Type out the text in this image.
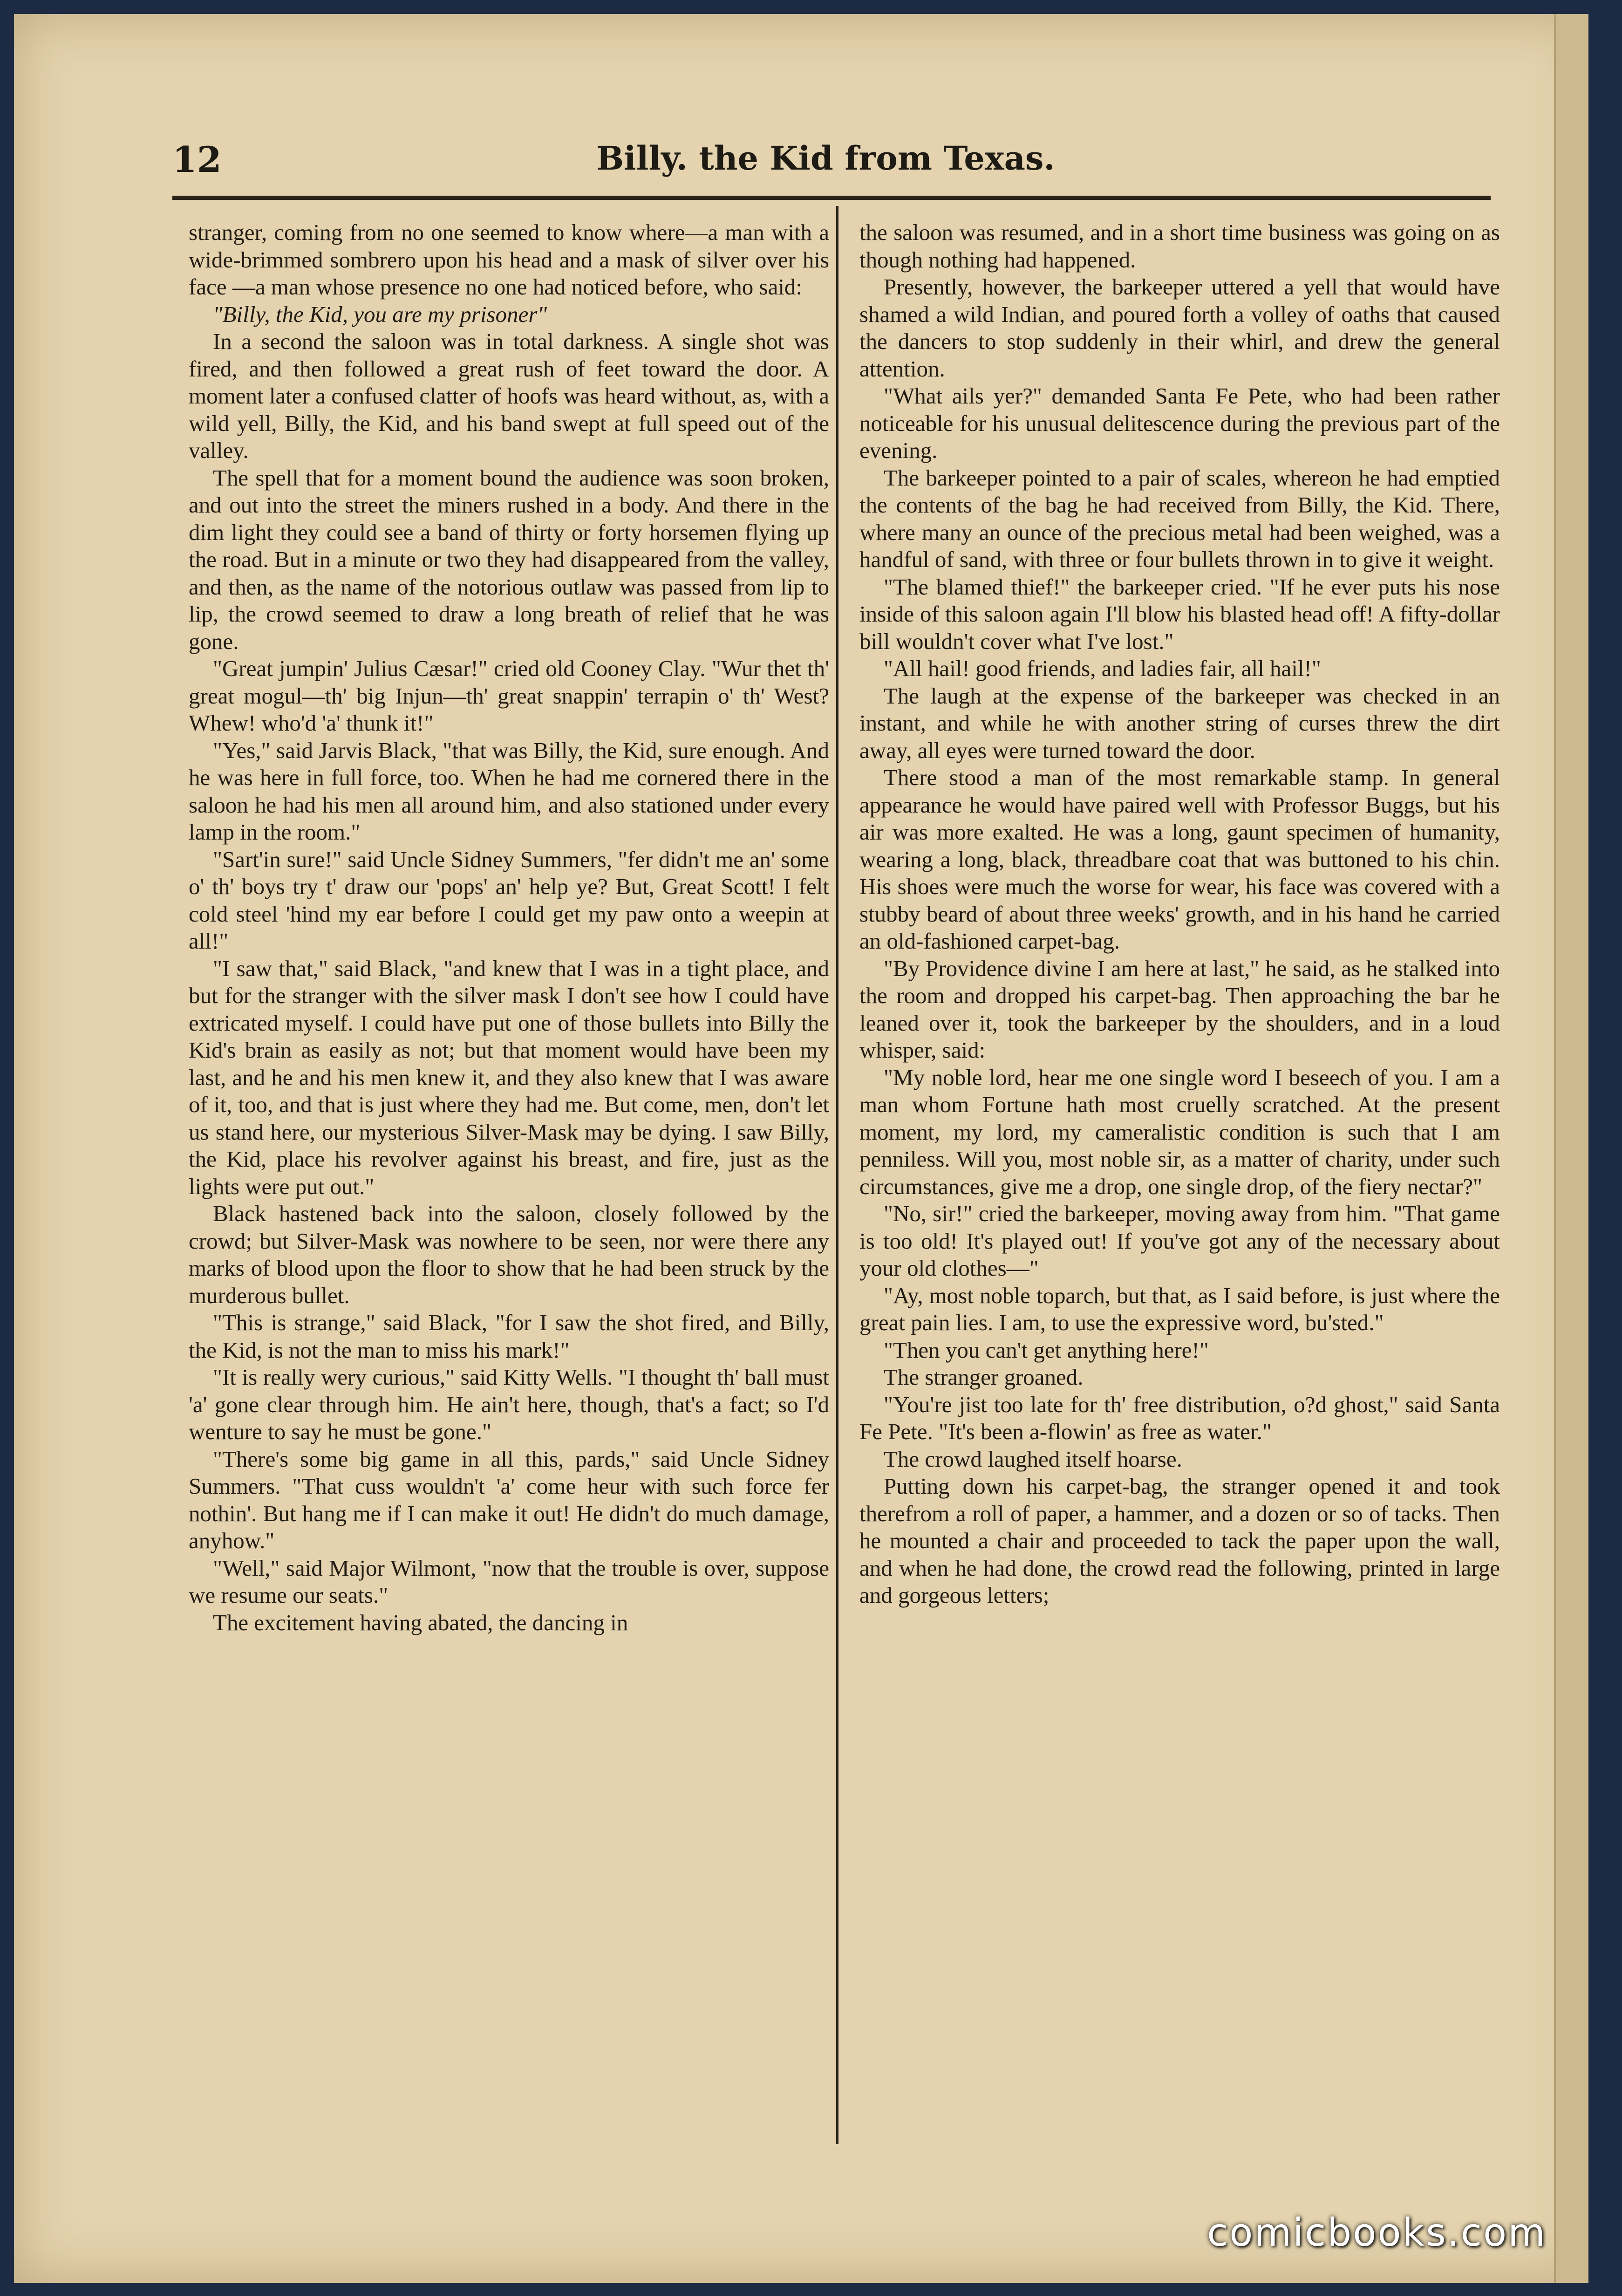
12	Billy. the Kid from Texas.

stranger, coming from no one seemed to know where—a man with a wide-brimmed sombrero upon his head and a mask of silver over his face —a man whose presence no one had noticed before, who said:

"Billy, the Kid, you are my prisoner"

In a second the saloon was in total darkness. A single shot was fired, and then followed a great rush of feet toward the door. A moment later a confused clatter of hoofs was heard without, as, with a wild yell, Billy, the Kid, and his band swept at full speed out of the valley.

The spell that for a moment bound the audience was soon broken, and out into the street the miners rushed in a body. And there in the dim light they could see a band of thirty or forty horsemen flying up the road. But in a minute or two they had disappeared from the valley, and then, as the name of the notorious outlaw was passed from lip to lip, the crowd seemed to draw a long breath of relief that he was gone.

"Great jumpin' Julius Cæsar!" cried old Cooney Clay. "Wur thet th' great mogul—th' big Injun—th' great snappin' terrapin o' th' West? Whew! who'd 'a' thunk it!"

"Yes," said Jarvis Black, "that was Billy, the Kid, sure enough. And he was here in full force, too. When he had me cornered there in the saloon he had his men all around him, and also stationed under every lamp in the room."

"Sart'in sure!" said Uncle Sidney Summers, "fer didn't me an' some o' th' boys try t' draw our 'pops' an' help ye? But, Great Scott! I felt cold steel 'hind my ear before I could get my paw onto a weepin at all!"

"I saw that," said Black, "and knew that I was in a tight place, and but for the stranger with the silver mask I don't see how I could have extricated myself. I could have put one of those bullets into Billy the Kid's brain as easily as not; but that moment would have been my last, and he and his men knew it, and they also knew that I was aware of it, too, and that is just where they had me. But come, men, don't let us stand here, our mysterious Silver-Mask may be dying. I saw Billy, the Kid, place his revolver against his breast, and fire, just as the lights were put out."

Black hastened back into the saloon, closely followed by the crowd; but Silver-Mask was nowhere to be seen, nor were there any marks of blood upon the floor to show that he had been struck by the murderous bullet.

"This is strange," said Black, "for I saw the shot fired, and Billy, the Kid, is not the man to miss his mark!"

"It is really wery curious," said Kitty Wells. "I thought th' ball must 'a' gone clear through him. He ain't here, though, that's a fact; so I'd wenture to say he must be gone."

"There's some big game in all this, pards," said Uncle Sidney Summers. "That cuss wouldn't 'a' come heur with such force fer nothin'. But hang me if I can make it out! He didn't do much damage, anyhow."

"Well," said Major Wilmont, "now that the trouble is over, suppose we resume our seats."

The excitement having abated, the dancing in

the saloon was resumed, and in a short time business was going on as though nothing had happened.

Presently, however, the barkeeper uttered a yell that would have shamed a wild Indian, and poured forth a volley of oaths that caused the dancers to stop suddenly in their whirl, and drew the general attention.

"What ails yer?" demanded Santa Fe Pete, who had been rather noticeable for his unusual delitescence during the previous part of the evening.

The barkeeper pointed to a pair of scales, whereon he had emptied the contents of the bag he had received from Billy, the Kid. There, where many an ounce of the precious metal had been weighed, was a handful of sand, with three or four bullets thrown in to give it weight.

"The blamed thief!" the barkeeper cried. "If he ever puts his nose inside of this saloon again I'll blow his blasted head off! A fifty-dollar bill wouldn't cover what I've lost."

"All hail! good friends, and ladies fair, all hail!"

The laugh at the expense of the barkeeper was checked in an instant, and while he with another string of curses threw the dirt away, all eyes were turned toward the door.

There stood a man of the most remarkable stamp. In general appearance he would have paired well with Professor Buggs, but his air was more exalted. He was a long, gaunt specimen of humanity, wearing a long, black, threadbare coat that was buttoned to his chin. His shoes were much the worse for wear, his face was covered with a stubby beard of about three weeks' growth, and in his hand he carried an old-fashioned carpet-bag.

"By Providence divine I am here at last," he said, as he stalked into the room and dropped his carpet-bag. Then approaching the bar he leaned over it, took the barkeeper by the shoulders, and in a loud whisper, said:

"My noble lord, hear me one single word I beseech of you. I am a man whom Fortune hath most cruelly scratched. At the present moment, my lord, my cameralistic condition is such that I am penniless. Will you, most noble sir, as a matter of charity, under such circumstances, give me a drop, one single drop, of the fiery nectar?"

"No, sir!" cried the barkeeper, moving away from him. "That game is too old! It's played out! If you've got any of the necessary about your old clothes—"

"Ay, most noble toparch, but that, as I said before, is just where the great pain lies. I am, to use the expressive word, bu'sted."

"Then you can't get anything here!"

The stranger groaned.

"You're jist too late for th' free distribution, o?d ghost," said Santa Fe Pete. "It's been a-flowin' as free as water."

The crowd laughed itself hoarse.

Putting down his carpet-bag, the stranger opened it and took therefrom a roll of paper, a hammer, and a dozen or so of tacks. Then he mounted a chair and proceeded to tack the paper upon the wall, and when he had done, the crowd read the following, printed in large and gorgeous letters;

comicbooks.com
